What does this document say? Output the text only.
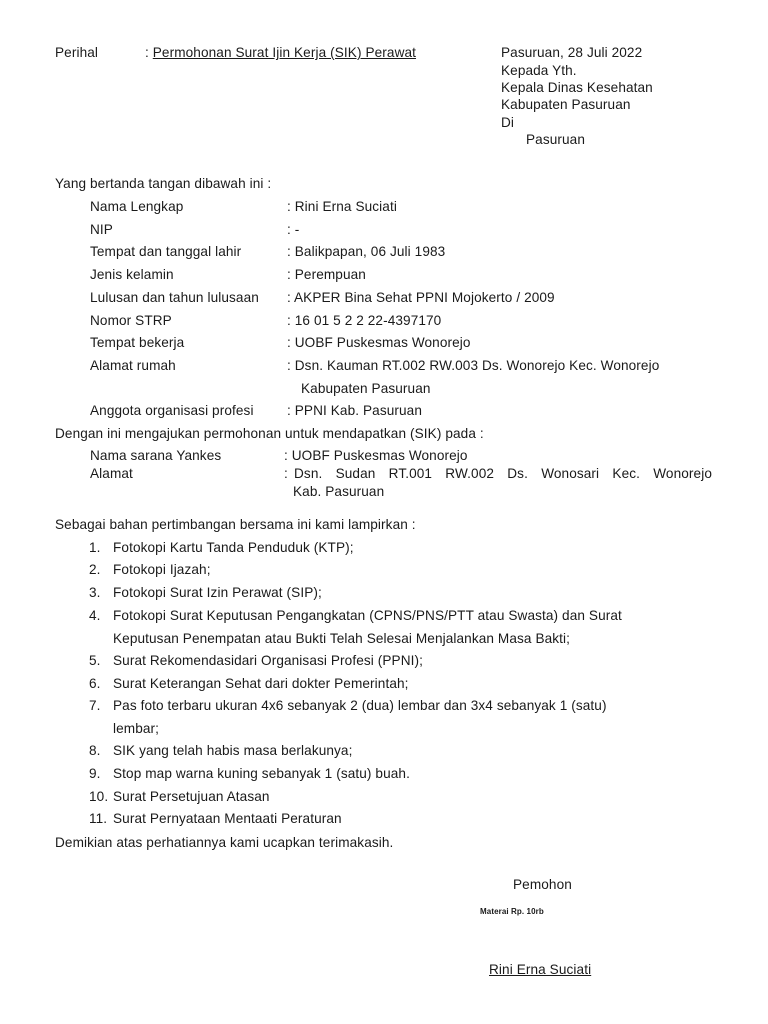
Perihal	: Permohonan Surat Ijin Kerja (SIK) Perawat	Pasuruan, 28 Juli 2022
Kepada Yth.
Kepala Dinas Kesehatan
Kabupaten Pasuruan
Di
Pasuruan
Yang bertanda tangan dibawah ini :
Nama Lengkap	: Rini Erna Suciati
NIP	: -
Tempat dan tanggal lahir	: Balikpapan, 06 Juli 1983
Jenis kelamin	: Perempuan
Lulusan dan tahun lulusaan : AKPER Bina Sehat PPNI Mojokerto / 2009
Nomor STRP	: 16 01 5 2 2 22-4397170
Tempat bekerja	: UOBF Puskesmas Wonorejo
Alamat rumah	: Dsn. Kauman RT.002 RW.003 Ds. Wonorejo Kec. Wonorejo
Kabupaten Pasuruan
Anggota organisasi profesi : PPNI Kab. Pasuruan
Dengan ini mengajukan permohonan untuk mendapatkan (SIK) pada :
Nama sarana Yankes	: UOBF Puskesmas Wonorejo
Alamat	: Dsn. Sudan RT.001 RW.002 Ds. Wonosari Kec. Wonorejo
Kab. Pasuruan
Sebagai bahan pertimbangan bersama ini kami lampirkan :
1. Fotokopi Kartu Tanda Penduduk (KTP);
2. Fotokopi Ijazah;
3. Fotokopi Surat Izin Perawat (SIP);
4. Fotokopi Surat Keputusan Pengangkatan (CPNS/PNS/PTT atau Swasta) dan Surat
Keputusan Penempatan atau Bukti Telah Selesai Menjalankan Masa Bakti;
5. Surat Rekomendasidari Organisasi Profesi (PPNI);
6. Surat Keterangan Sehat dari dokter Pemerintah;
7. Pas foto terbaru ukuran 4x6 sebanyak 2 (dua) lembar dan 3x4 sebanyak 1 (satu)
lembar;
8. SIK yang telah habis masa berlakunya;
9. Stop map warna kuning sebanyak 1 (satu) buah.
10. Surat Persetujuan Atasan
11. Surat Pernyataan Mentaati Peraturan
Demikian atas perhatiannya kami ucapkan terimakasih.
Pemohon
Materai Rp. 10rb
Rini Erna Suciati
